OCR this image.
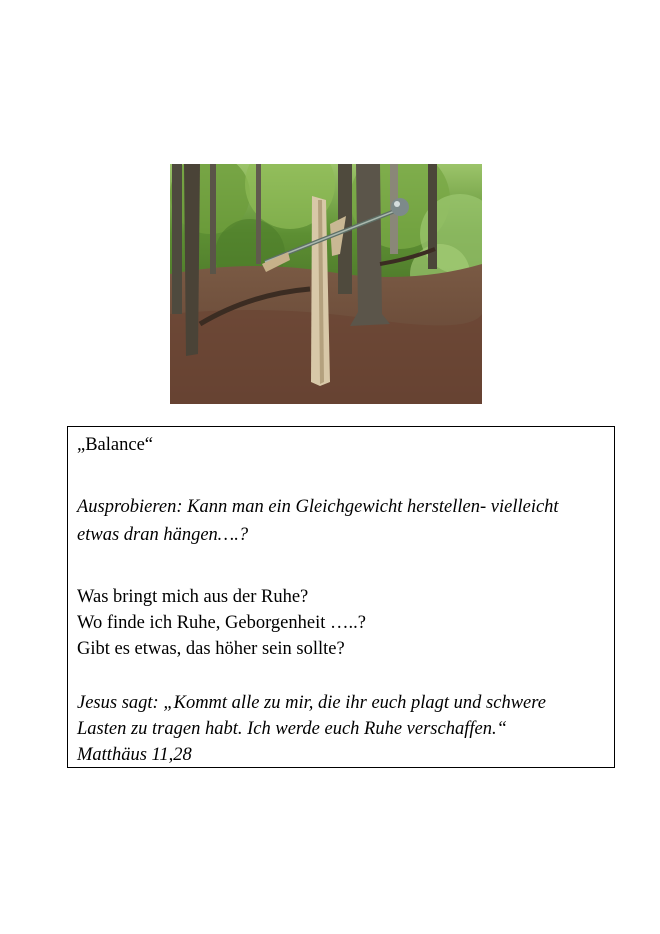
„Balance“
Ausprobieren: Kann man ein Gleichgewicht herstellen- vielleicht
etwas dran hängen….?
Was bringt mich aus der Ruhe?
Wo finde ich Ruhe, Geborgenheit …..?
Gibt es etwas, das höher sein sollte?
Jesus sagt: „Kommt alle zu mir, die ihr euch plagt und schwere
Lasten zu tragen habt. Ich werde euch Ruhe verschaffen.“
Matthäus 11,28
